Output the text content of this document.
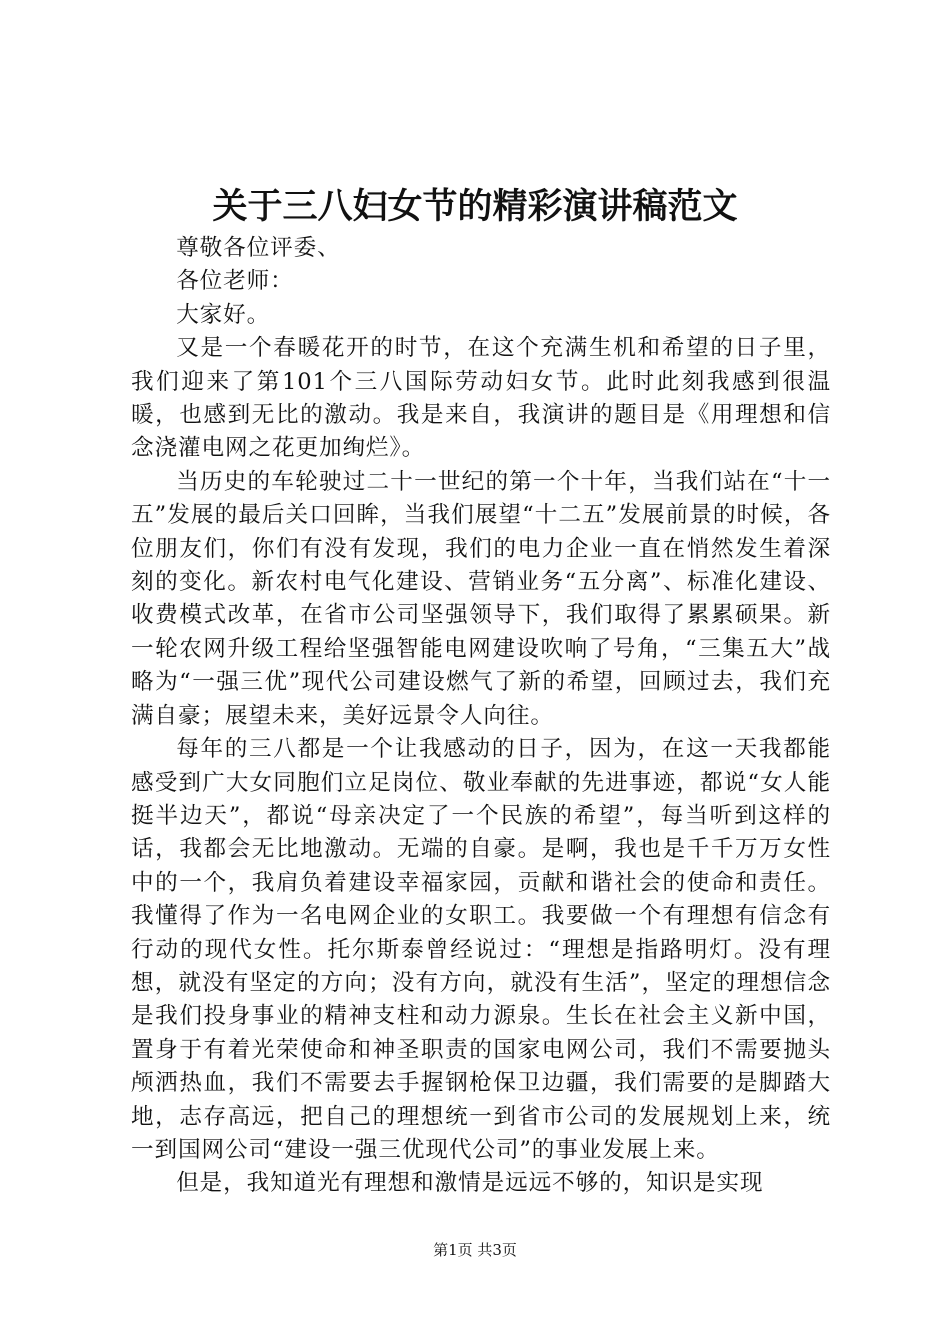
关于三八妇女节的精彩演讲稿范文

尊敬各位评委、

各位老师：

大家好。

又是一个春暖花开的时节，在这个充满生机和希望的日子里，我们迎来了第101个三八国际劳动妇女节。此时此刻我感到很温暖，也感到无比的激动。我是来自，我演讲的题目是《用理想和信念浇灌电网之花更加绚烂》。

当历史的车轮驶过二十一世纪的第一个十年，当我们站在“十一五”发展的最后关口回眸，当我们展望“十二五”发展前景的时候，各位朋友们，你们有没有发现，我们的电力企业一直在悄然发生着深刻的变化。新农村电气化建设、营销业务“五分离”、标准化建设、收费模式改革，在省市公司坚强领导下，我们取得了累累硕果。新一轮农网升级工程给坚强智能电网建设吹响了号角，“三集五大”战略为“一强三优”现代公司建设燃气了新的希望，回顾过去，我们充满自豪；展望未来，美好远景令人向往。

每年的三八都是一个让我感动的日子，因为，在这一天我都能感受到广大女同胞们立足岗位、敬业奉献的先进事迹，都说“女人能挺半边天”，都说“母亲决定了一个民族的希望”，每当听到这样的话，我都会无比地激动。无端的自豪。是啊，我也是千千万万女性中的一个，我肩负着建设幸福家园，贡献和谐社会的使命和责任。我懂得了作为一名电网企业的女职工。我要做一个有理想有信念有行动的现代女性。托尔斯泰曾经说过：“理想是指路明灯。没有理想，就没有坚定的方向；没有方向，就没有生活”，坚定的理想信念是我们投身事业的精神支柱和动力源泉。生长在社会主义新中国，置身于有着光荣使命和神圣职责的国家电网公司，我们不需要抛头颅洒热血，我们不需要去手握钢枪保卫边疆，我们需要的是脚踏大地，志存高远，把自己的理想统一到省市公司的发展规划上来，统一到国网公司“建设一强三优现代公司”的事业发展上来。

但是，我知道光有理想和激情是远远不够的，知识是实现

第1页 共3页
